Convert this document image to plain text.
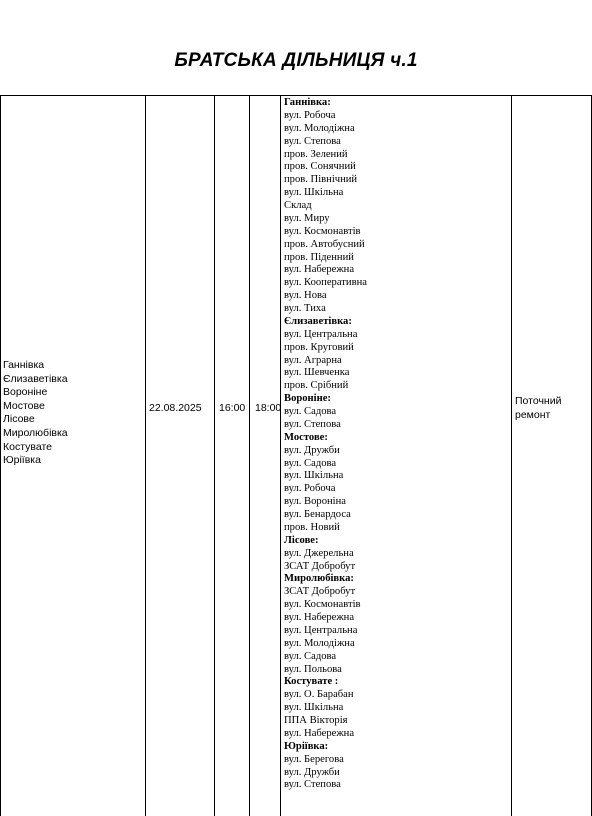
БРАТСЬКА ДІЛЬНИЦЯ ч.1
Ганнівка
Єлизаветівка
Вороніне
Мостове
Лісове
Миролюбівка
Костувате
Юріївка
22.08.2025 16:00 18:00
Поточний
ремонт
Ганнівка:
вул. Робоча
вул. Молодіжна
вул. Степова
пров. Зелений
пров. Сонячний
пров. Північний
вул. Шкільна
Склад
вул. Миру
вул. Космонавтів
пров. Автобусний
пров. Піденний
вул. Набережна
вул. Кооперативна
вул. Нова
вул. Тиха
Єлизаветівка:
вул. Центральна
пров. Круговий
вул. Аграрна
вул. Шевченка
пров. Срібний
Вороніне:
вул. Садова
вул. Степова
Мостове:
вул. Дружби
вул. Садова
вул. Шкільна
вул. Робоча
вул. Вороніна
вул. Бенардоса
пров. Новий
Лісове:
вул. Джерельна
ЗСАТ Добробут
Миролюбівка:
ЗСАТ Добробут
вул. Космонавтів
вул. Набережна
вул. Центральна
вул. Молодіжна
вул. Садова
вул. Польова
Костувате :
вул. О. Барабан
вул. Шкільна
ППА Вікторія
вул. Набережна
Юріївка:
вул. Берегова
вул. Дружби
вул. Степова
